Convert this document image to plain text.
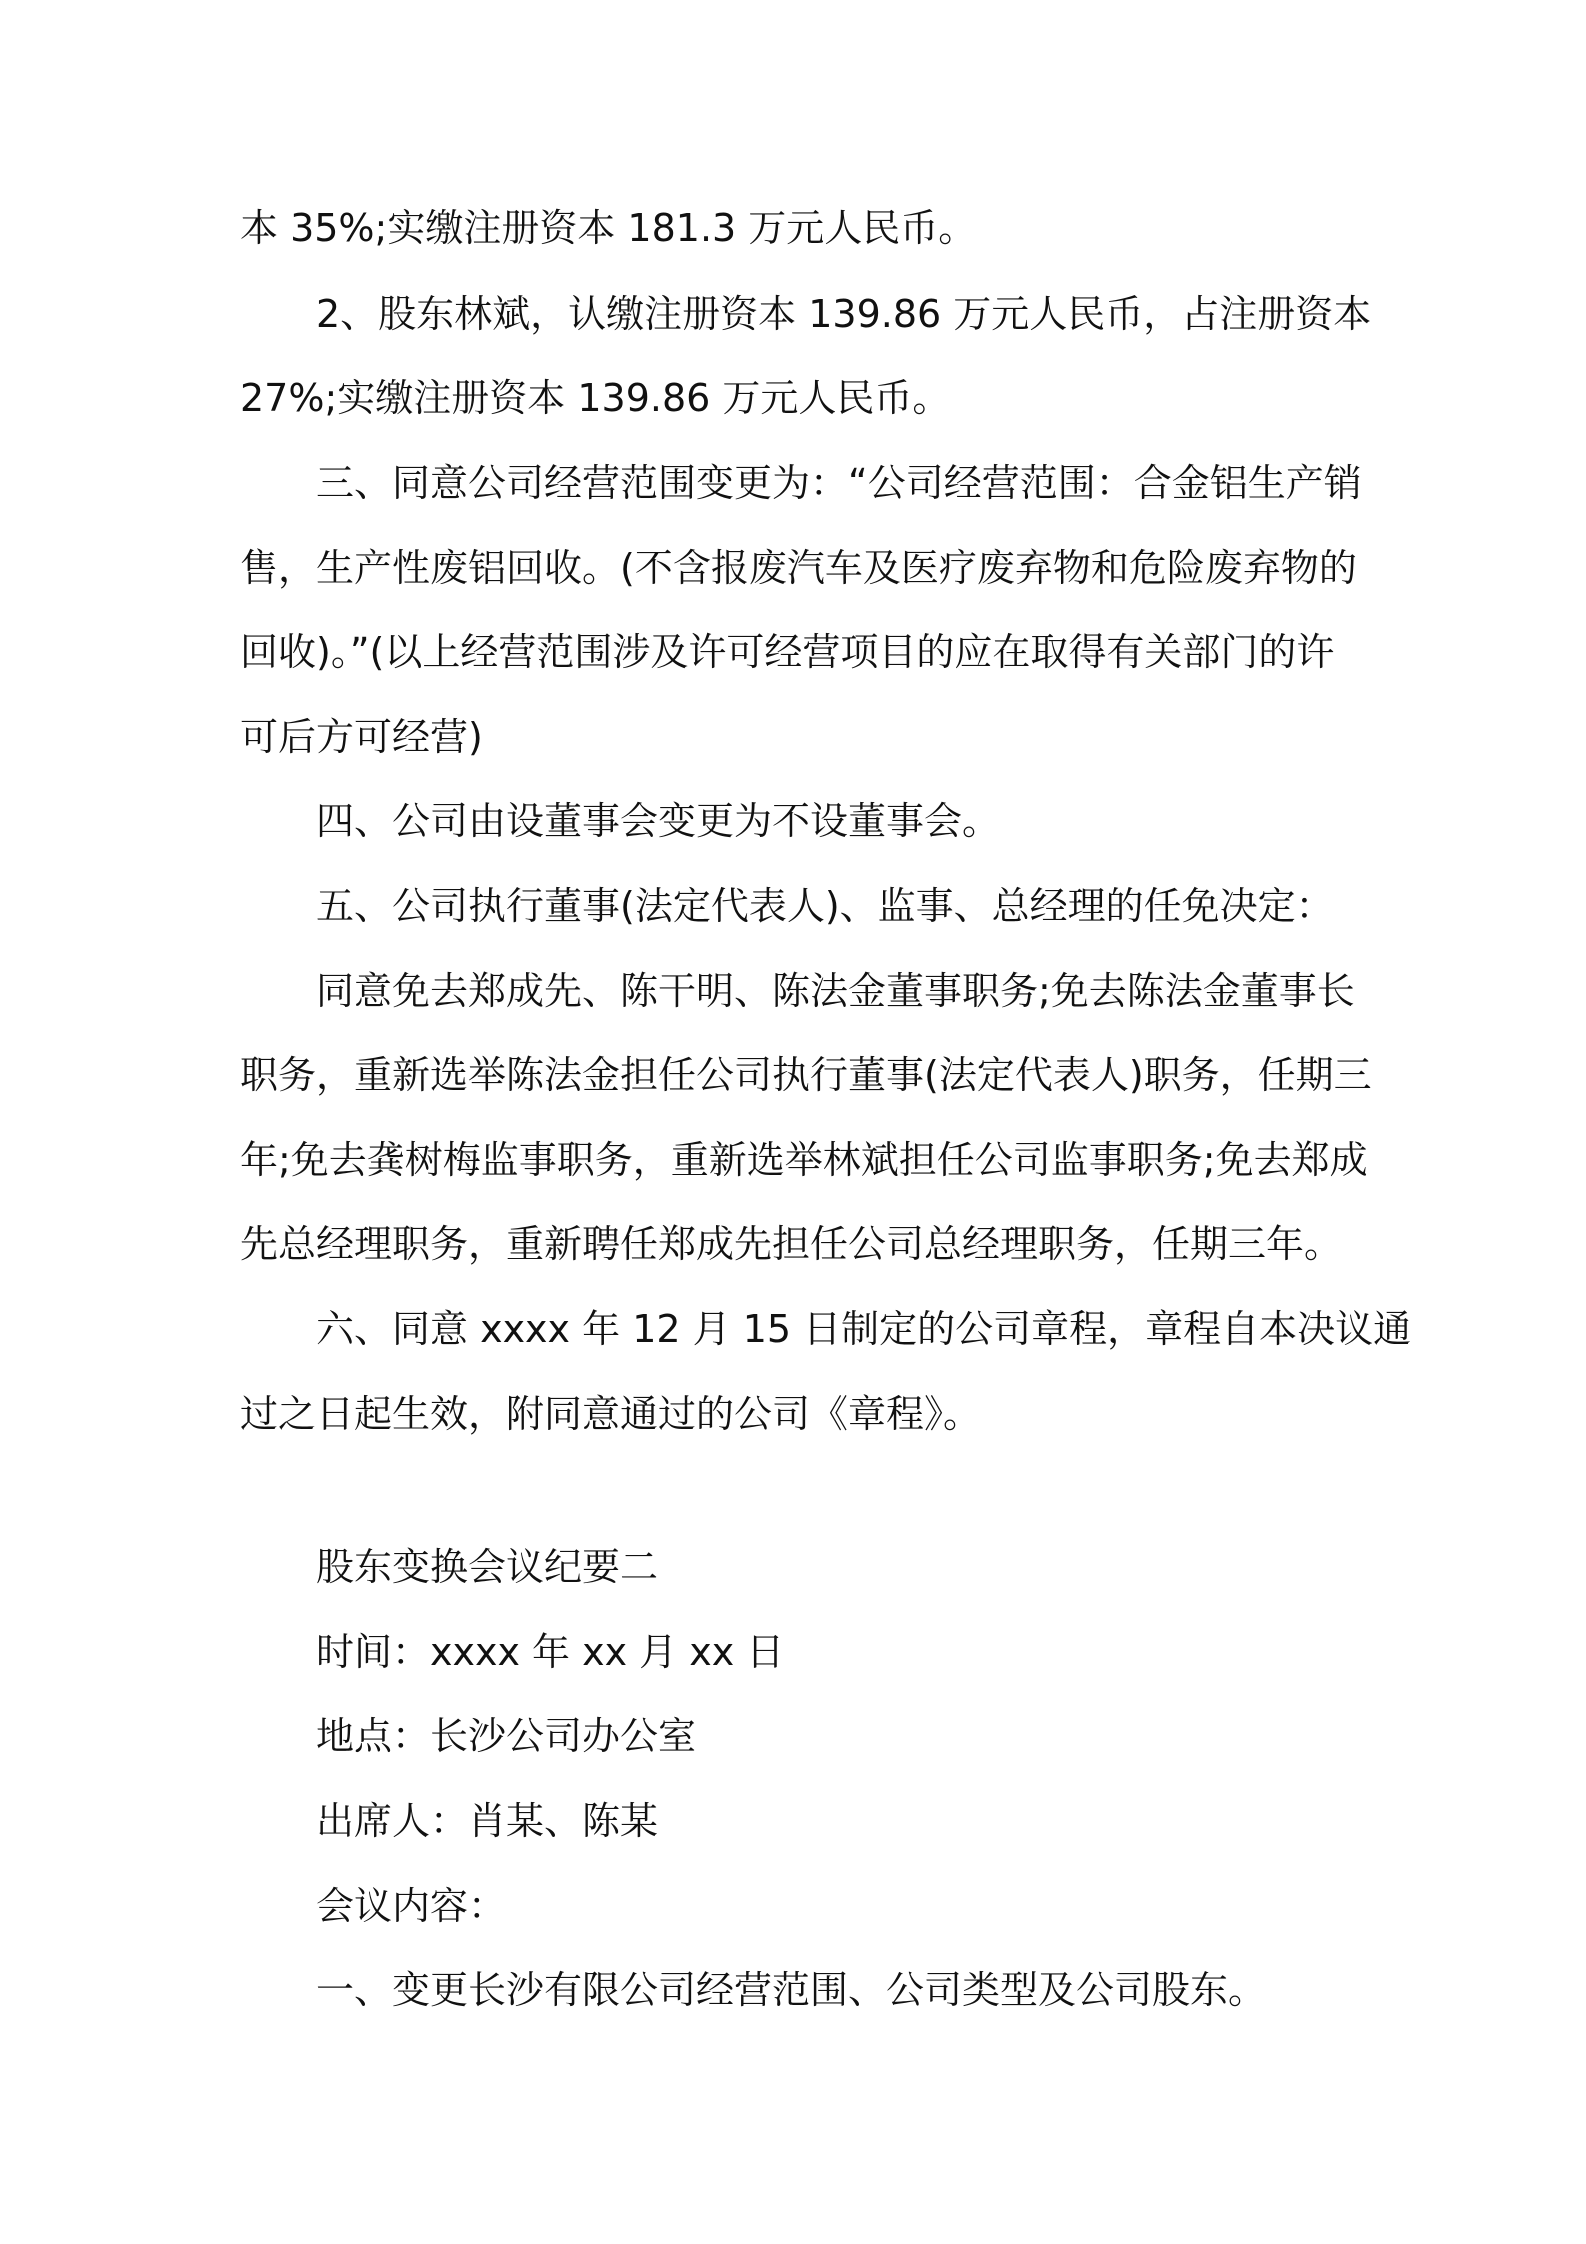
本 35%;实缴注册资本 181.3 万元人民币。

2、股东林斌，认缴注册资本 139.86 万元人民币，占注册资本

27%;实缴注册资本 139.86 万元人民币。

三、同意公司经营范围变更为：“公司经营范围：合金铝生产销

售，生产性废铝回收。(不含报废汽车及医疗废弃物和危险废弃物的

回收)。”(以上经营范围涉及许可经营项目的应在取得有关部门的许

可后方可经营)

四、公司由设董事会变更为不设董事会。

五、公司执行董事(法定代表人)、监事、总经理的任免决定：

同意免去郑成先、陈干明、陈法金董事职务;免去陈法金董事长

职务，重新选举陈法金担任公司执行董事(法定代表人)职务，任期三

年;免去龚树梅监事职务，重新选举林斌担任公司监事职务;免去郑成

先总经理职务，重新聘任郑成先担任公司总经理职务，任期三年。

六、同意 xxxx 年 12 月 15 日制定的公司章程，章程自本决议通

过之日起生效，附同意通过的公司《章程》。

股东变换会议纪要二

时间：xxxx 年 xx 月 xx 日

地点：长沙公司办公室

出席人：肖某、陈某

会议内容：

一、变更长沙有限公司经营范围、公司类型及公司股东。
